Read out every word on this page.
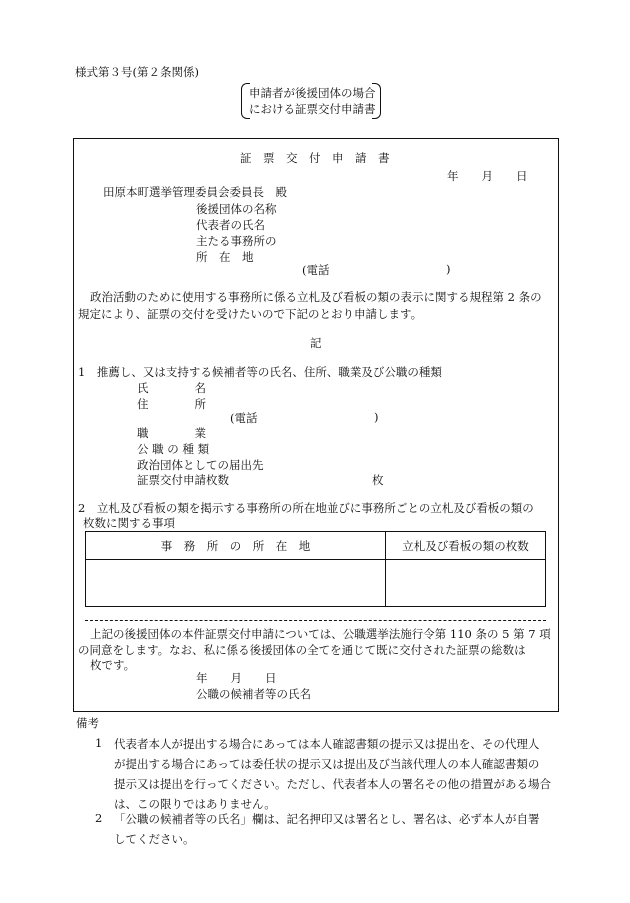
様式第３号(第２条関係)
申請者が後援団体の場合
における証票交付申請書
証　票　交　付　申　請　書
年　　月　　日
田原本町選挙管理委員会委員長　殿
後援団体の名称
代表者の氏名
主たる事務所の
所　在　地
(電話	)
政治活動のために使用する事務所に係る立札及び看板の類の表示に関する規程第 2 条の
規定により、証票の交付を受けたいので下記のとおり申請します。
記
1　推薦し、又は支持する候補者等の氏名、住所、職業及び公職の種類
氏　　　　名
住　　　　所
(電話	)
職　　　　業
公 職 の 種 類
政治団体としての届出先
証票交付申請枚数	枚
2　立札及び看板の類を掲示する事務所の所在地並びに事務所ごとの立札及び看板の類の
枚数に関する事項
事　務　所　の　所　在　地	立札及び看板の類の枚数

上記の後援団体の本件証票交付申請については、公職選挙法施行令第 110 条の 5 第 7 項
の同意をします。なお、私に係る後援団体の全てを通じて既に交付された証票の総数は
枚です。
年　　月　　日
公職の候補者等の氏名
備考
1 代表者本人が提出する場合にあっては本人確認書類の提示又は提出を、その代理人
が提出する場合にあっては委任状の提示又は提出及び当該代理人の本人確認書類の
提示又は提出を行ってください。ただし、代表者本人の署名その他の措置がある場合
は、この限りではありません。
2 「公職の候補者等の氏名」欄は、記名押印又は署名とし、署名は、必ず本人が自署
してください。
